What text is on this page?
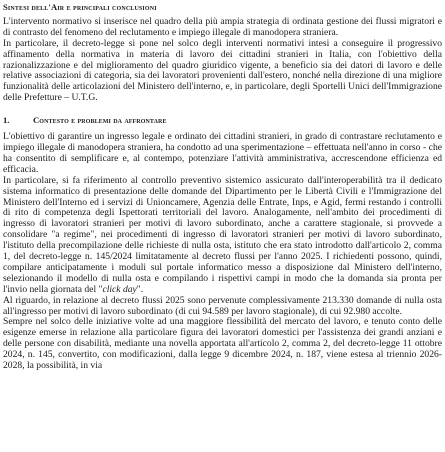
Sintesi dell'Air e principali conclusioni

L'intervento normativo si inserisce nel quadro della più ampia strategia di ordinata gestione dei flussi migratori e di contrasto del fenomeno del reclutamento e impiego illegale di manodopera straniera.

In particolare, il decreto-legge si pone nel solco degli interventi normativi intesi a conseguire il progressivo affinamento della normativa in materia di lavoro dei cittadini stranieri in Italia, con l'obiettivo della razionalizzazione e del miglioramento del quadro giuridico vigente, a beneficio sia dei datori di lavoro e delle relative associazioni di categoria, sia dei lavoratori provenienti dall'estero, nonché nella direzione di una migliore funzionalità delle articolazioni del Ministero dell'interno, e, in particolare, degli Sportelli Unici dell'Immigrazione delle Prefetture – U.T.G.

1.	Contesto e problemi da affrontare

L'obiettivo di garantire un ingresso legale e ordinato dei cittadini stranieri, in grado di contrastare reclutamento e impiego illegale di manodopera straniera, ha condotto ad una sperimentazione – effettuata nell'anno in corso - che ha consentito di semplificare e, al contempo, potenziare l'attività amministrativa, accrescendone efficienza ed efficacia.

In particolare, si fa riferimento al controllo preventivo sistemico assicurato dall'interoperabilità tra il dedicato sistema informatico di presentazione delle domande del Dipartimento per le Libertà Civili e l'Immigrazione del Ministero dell'Interno ed i servizi di Unioncamere, Agenzia delle Entrate, Inps, e Agid, fermi restando i controlli di rito di competenza degli Ispettorati territoriali del lavoro. Analogamente, nell'ambito dei procedimenti di ingresso di lavoratori stranieri per motivi di lavoro subordinato, anche a carattere stagionale, si provvede a consolidare "a regime", nei procedimenti di ingresso di lavoratori stranieri per motivi di lavoro subordinato, l'istituto della precompilazione delle richieste di nulla osta, istituto che era stato introdotto dall'articolo 2, comma 1, del decreto-legge n. 145/2024 limitatamente al decreto flussi per l'anno 2025. I richiedenti possono, quindi, compilare anticipatamente i moduli sul portale informatico messo a disposizione dal Ministero dell'interno, selezionando il modello di nulla osta e compilando i rispettivi campi in modo che la domanda sia pronta per l'invio nella giornata del "click day".

Al riguardo, in relazione al decreto flussi 2025 sono pervenute complessivamente 213.330 domande di nulla osta all'ingresso per motivi di lavoro subordinato (di cui 94.589 per lavoro stagionale), di cui 92.980 accolte.

Sempre nel solco delle iniziative volte ad una maggiore flessibilità del mercato del lavoro, e tenuto conto delle esigenze emerse in relazione alla particolare figura dei lavoratori domestici per l'assistenza dei grandi anziani e delle persone con disabilità, mediante una novella apportata all'articolo 2, comma 2, del decreto-legge 11 ottobre 2024, n. 145, convertito, con modificazioni, dalla legge 9 dicembre 2024, n. 187, viene estesa al triennio 2026-2028, la possibilità, in via
